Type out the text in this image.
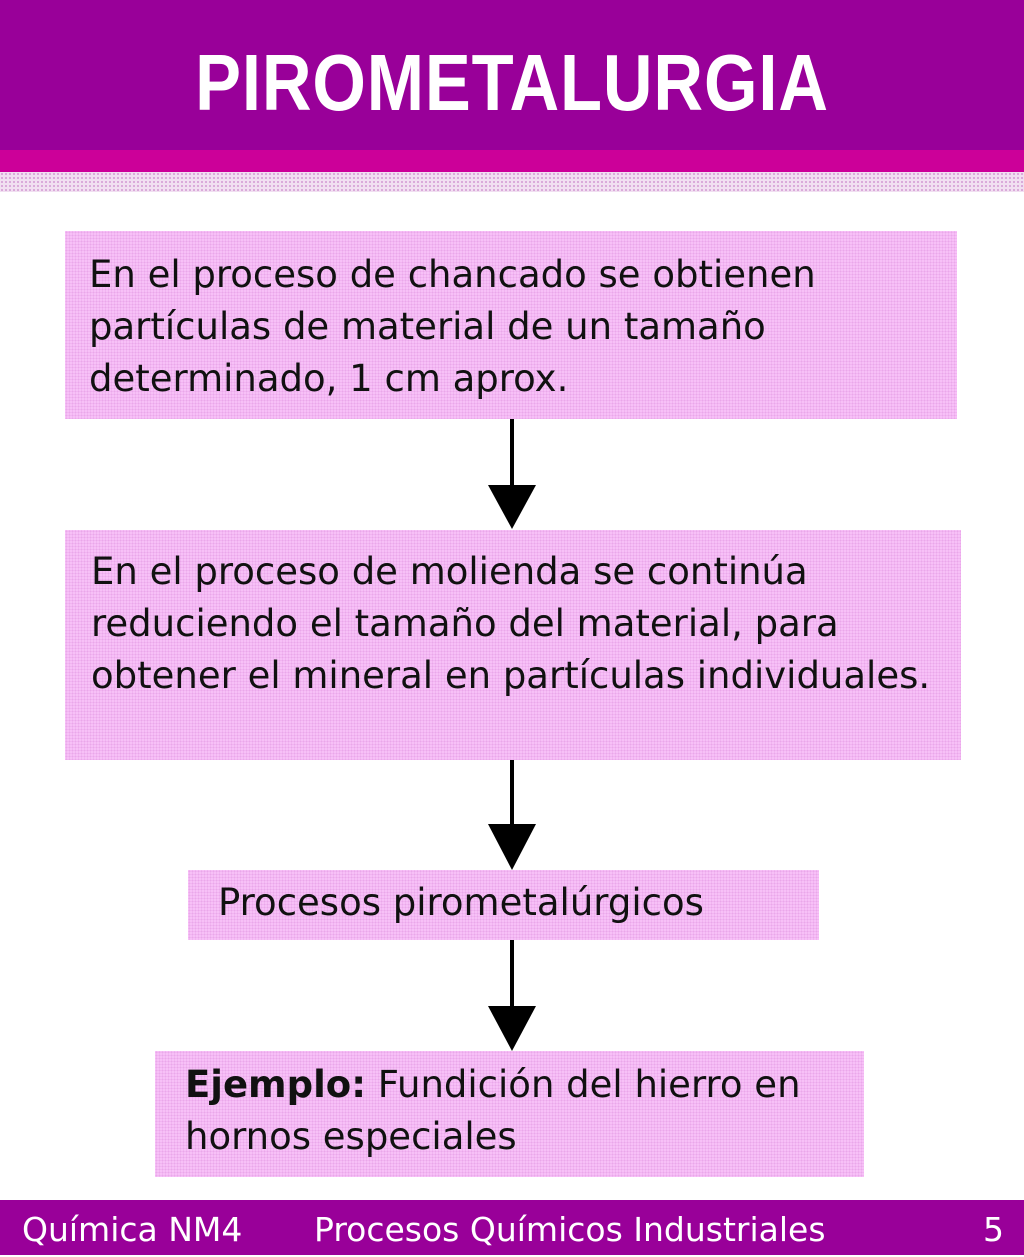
PIROMETALURGIA
En el proceso de chancado se obtienen partículas de material de un tamaño determinado, 1 cm aprox.
En el proceso de molienda se continúa reduciendo el tamaño del material, para obtener el mineral en partículas individuales.
Procesos pirometalúrgicos
Ejemplo: Fundición del hierro en hornos especiales
Química NM4 Procesos Químicos Industriales	5
